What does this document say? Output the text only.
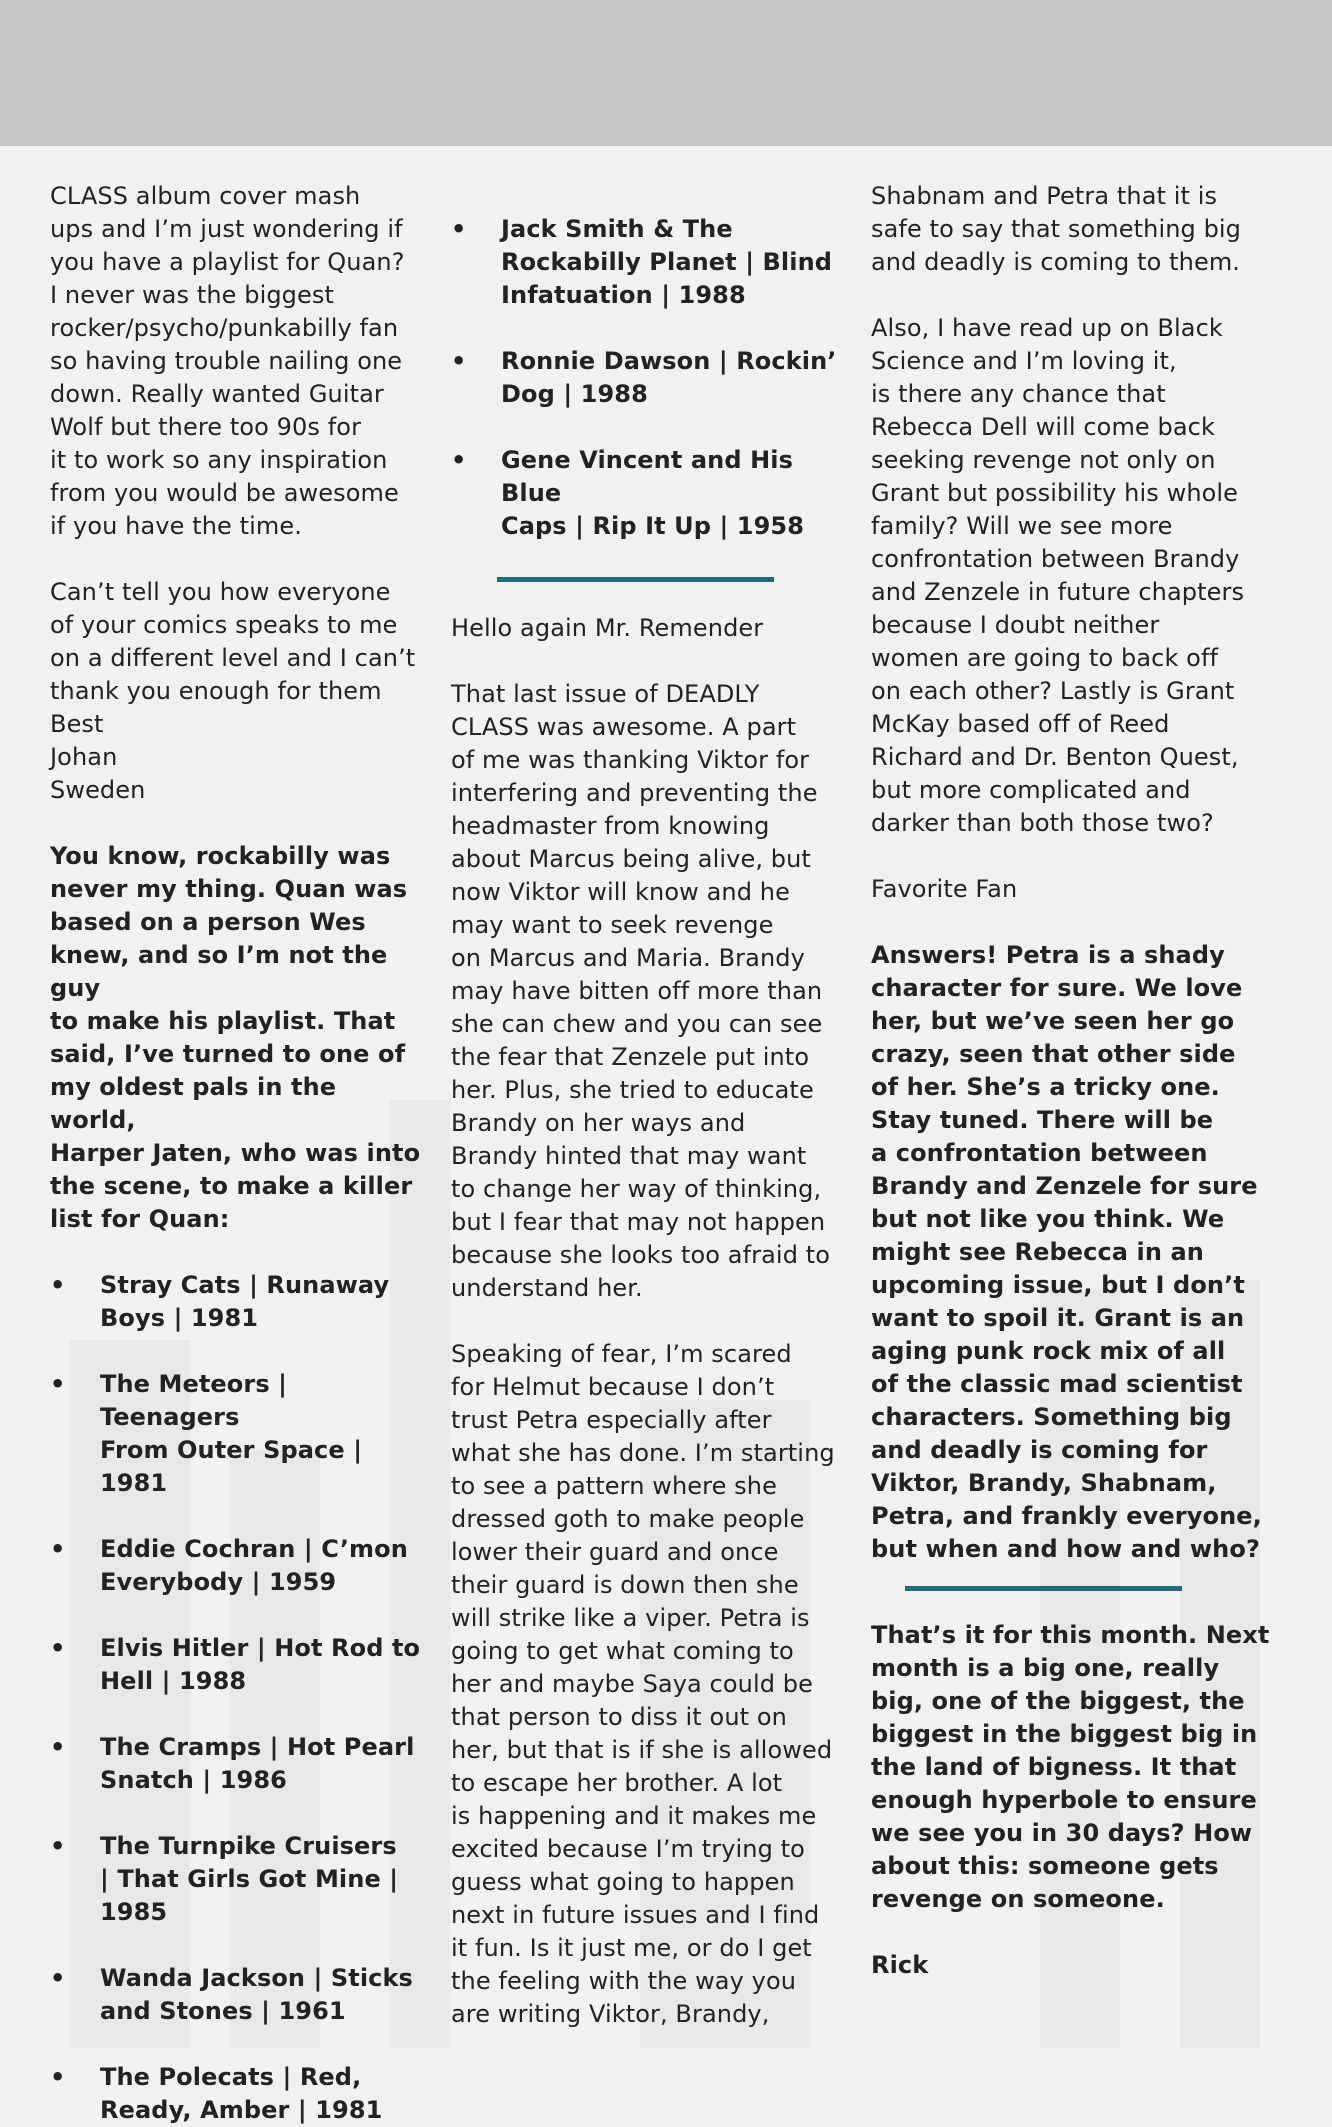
CLASS album cover mash

ups and I’m just wondering if

you have a playlist for Quan?

I never was the biggest

rocker/psycho/punkabilly fan

so having trouble nailing one

down. Really wanted Guitar

Wolf but there too 90s for

it to work so any inspiration

from you would be awesome

if you have the time.

Can’t tell you how everyone

of your comics speaks to me

on a different level and I can’t

thank you enough for them

Best

Johan

Sweden

You know, rockabilly was

never my thing. Quan was

based on a person Wes

knew, and so I’m not the guy

to make his playlist. That

said, I’ve turned to one of

my oldest pals in the world,

Harper Jaten, who was into

the scene, to make a killer

list for Quan:

•	Stray Cats | Runaway

Boys | 1981

•	The Meteors | Teenagers

From Outer Space | 1981

•	Eddie Cochran | C’mon

Everybody | 1959

•	Elvis Hitler | Hot Rod to

Hell | 1988

•	The Cramps | Hot Pearl

Snatch | 1986

•	The Turnpike Cruisers

| That Girls Got Mine |

1985

•	Wanda Jackson | Sticks

and Stones | 1961

•	The Polecats | Red,

Ready, Amber | 1981

•	Jack Smith & The

Rockabilly Planet | Blind

Infatuation | 1988

•	Ronnie Dawson | Rockin’

Dog | 1988

•	Gene Vincent and His Blue

Caps | Rip It Up | 1958

Hello again Mr. Remender

That last issue of DEADLY

CLASS was awesome. A part

of me was thanking Viktor for

interfering and preventing the

headmaster from knowing

about Marcus being alive, but

now Viktor will know and he

may want to seek revenge

on Marcus and Maria. Brandy

may have bitten off more than

she can chew and you can see

the fear that Zenzele put into

her. Plus, she tried to educate

Brandy on her ways and

Brandy hinted that may want

to change her way of thinking,

but I fear that may not happen

because she looks too afraid to

understand her.

Speaking of fear, I’m scared

for Helmut because I don’t

trust Petra especially after

what she has done. I’m starting

to see a pattern where she

dressed goth to make people

lower their guard and once

their guard is down then she

will strike like a viper. Petra is

going to get what coming to

her and maybe Saya could be

that person to diss it out on

her, but that is if she is allowed

to escape her brother. A lot

is happening and it makes me

excited because I’m trying to

guess what going to happen

next in future issues and I find

it fun. Is it just me, or do I get

the feeling with the way you

are writing Viktor, Brandy,

Shabnam and Petra that it is

safe to say that something big

and deadly is coming to them.

Also, I have read up on Black

Science and I’m loving it,

is there any chance that

Rebecca Dell will come back

seeking revenge not only on

Grant but possibility his whole

family? Will we see more

confrontation between Brandy

and Zenzele in future chapters

because I doubt neither

women are going to back off

on each other? Lastly is Grant

McKay based off of Reed

Richard and Dr. Benton Quest,

but more complicated and

darker than both those two?

Favorite Fan

Answers! Petra is a shady

character for sure. We love

her, but we’ve seen her go

crazy, seen that other side

of her. She’s a tricky one.

Stay tuned. There will be

a confrontation between

Brandy and Zenzele for sure

but not like you think. We

might see Rebecca in an

upcoming issue, but I don’t

want to spoil it. Grant is an

aging punk rock mix of all

of the classic mad scientist

characters. Something big

and deadly is coming for

Viktor, Brandy, Shabnam,

Petra, and frankly everyone,

but when and how and who?

That’s it for this month. Next

month is a big one, really

big, one of the biggest, the

biggest in the biggest big in

the land of bigness. It that

enough hyperbole to ensure

we see you in 30 days? How

about this: someone gets

revenge on someone.

Rick
